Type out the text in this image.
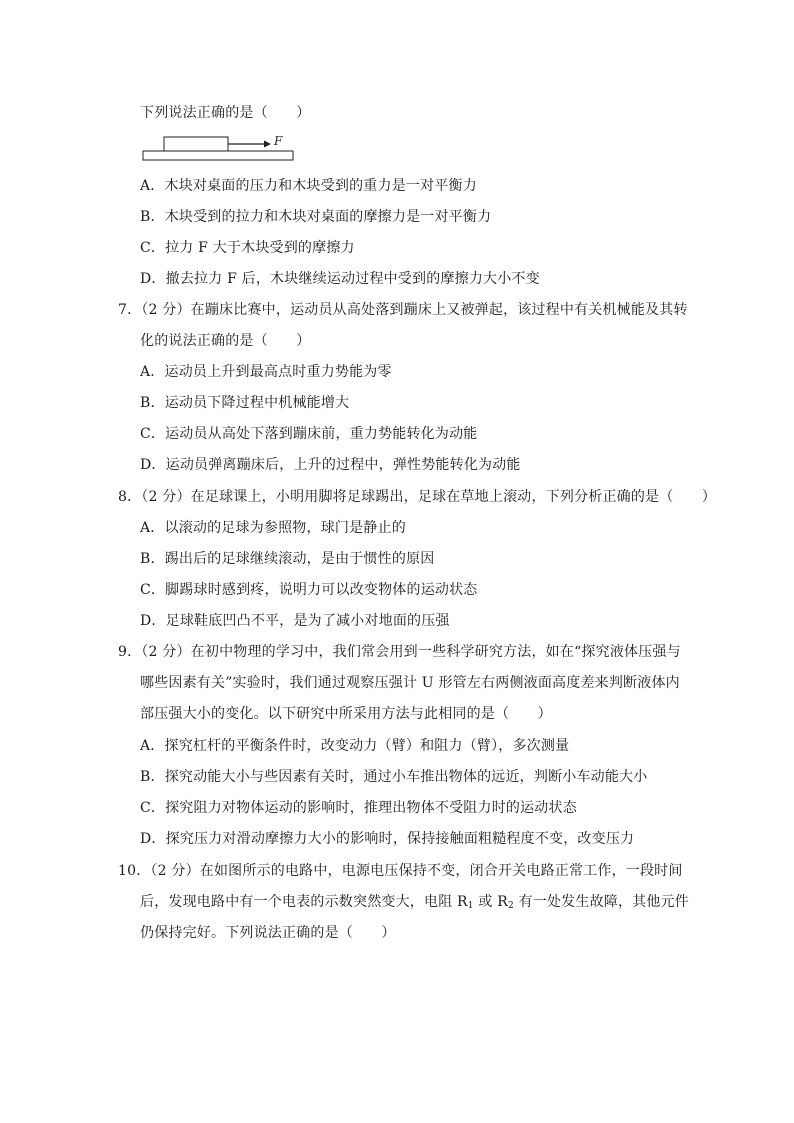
下列说法正确的是（　　）
F
A．木块对桌面的压力和木块受到的重力是一对平衡力
B．木块受到的拉力和木块对桌面的摩擦力是一对平衡力
C．拉力 F 大于木块受到的摩擦力
D．撤去拉力 F 后，木块继续运动过程中受到的摩擦力大小不变
7．（2 分）在蹦床比赛中，运动员从高处落到蹦床上又被弹起，该过程中有关机械能及其转
化的说法正确的是（　　）
A．运动员上升到最高点时重力势能为零
B．运动员下降过程中机械能增大
C．运动员从高处下落到蹦床前，重力势能转化为动能
D．运动员弹离蹦床后，上升的过程中，弹性势能转化为动能
8．（2 分）在足球课上，小明用脚将足球踢出，足球在草地上滚动，下列分析正确的是（　　）
A．以滚动的足球为参照物，球门是静止的
B．踢出后的足球继续滚动，是由于惯性的原因
C．脚踢球时感到疼，说明力可以改变物体的运动状态
D．足球鞋底凹凸不平，是为了减小对地面的压强
9．（2 分）在初中物理的学习中，我们常会用到一些科学研究方法，如在“探究液体压强与
哪些因素有关”实验时，我们通过观察压强计 U 形管左右两侧液面高度差来判断液体内
部压强大小的变化。以下研究中所采用方法与此相同的是（　　）
A．探究杠杆的平衡条件时，改变动力（臂）和阻力（臂），多次测量
B．探究动能大小与些因素有关时，通过小车推出物体的远近，判断小车动能大小
C．探究阻力对物体运动的影响时，推理出物体不受阻力时的运动状态
D．探究压力对滑动摩擦力大小的影响时，保持接触面粗糙程度不变，改变压力
10．（2 分）在如图所示的电路中，电源电压保持不变，闭合开关电路正常工作，一段时间
后，发现电路中有一个电表的示数突然变大，电阻 $R_1$ 或 $R_2$ 有一处发生故障，其他元件
仍保持完好。下列说法正确的是（　　）
